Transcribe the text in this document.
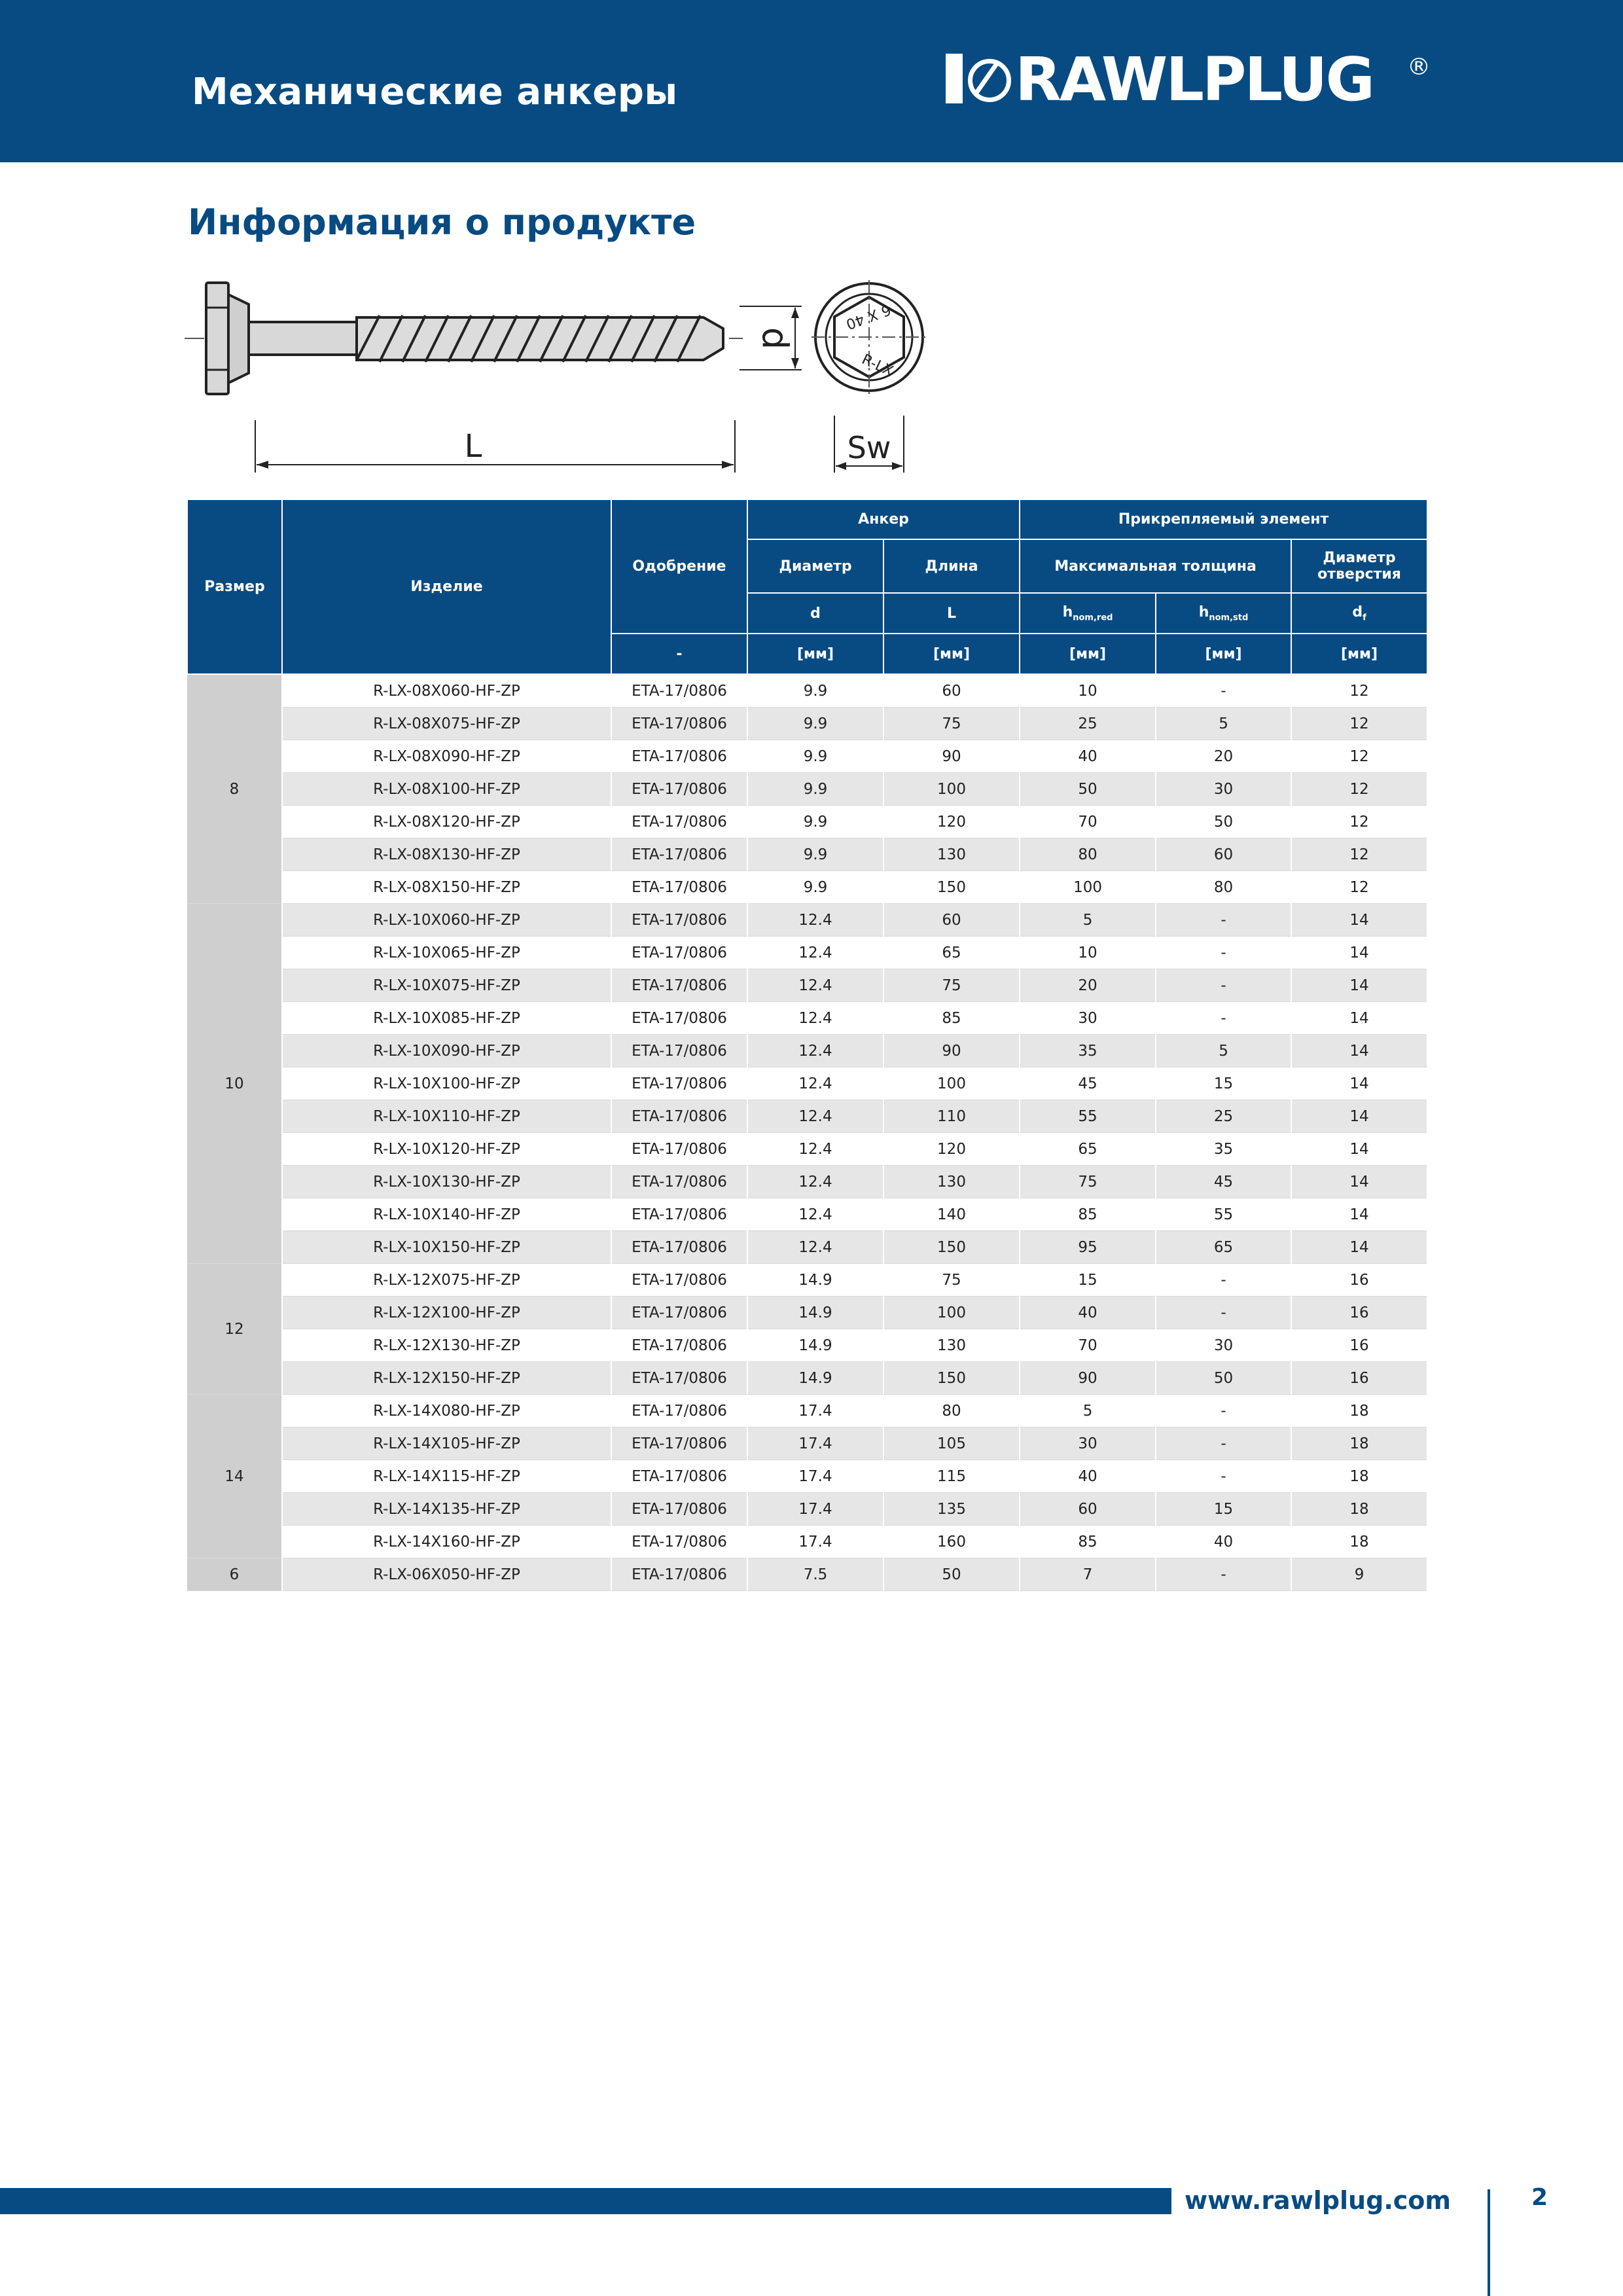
Механические анкеры	RAWLPLUG ®
Информация о продукте
d
6 X 40
R-LX
L	Sw
Размер	Изделие	Одобрение	Анкер		Прикрепляемый элемент		
			Диаметр	Длина	Максимальная толщина		Диаметр отверстия
			d	L	$h_{nom,red}$	$h_{nom,std}$	$d_f$
		-	[мм]	[мм]	[мм]	[мм]	[мм]
8	R-LX-08X060-HF-ZP	ETA-17/0806	9.9	60	10	-	12
	R-LX-08X075-HF-ZP	ETA-17/0806	9.9	75	25	5	12
	R-LX-08X090-HF-ZP	ETA-17/0806	9.9	90	40	20	12
	R-LX-08X100-HF-ZP	ETA-17/0806	9.9	100	50	30	12
	R-LX-08X120-HF-ZP	ETA-17/0806	9.9	120	70	50	12
	R-LX-08X130-HF-ZP	ETA-17/0806	9.9	130	80	60	12
	R-LX-08X150-HF-ZP	ETA-17/0806	9.9	150	100	80	12
10	R-LX-10X060-HF-ZP	ETA-17/0806	12.4	60	5	-	14
	R-LX-10X065-HF-ZP	ETA-17/0806	12.4	65	10	-	14
	R-LX-10X075-HF-ZP	ETA-17/0806	12.4	75	20	-	14
	R-LX-10X085-HF-ZP	ETA-17/0806	12.4	85	30	-	14
	R-LX-10X090-HF-ZP	ETA-17/0806	12.4	90	35	5	14
	R-LX-10X100-HF-ZP	ETA-17/0806	12.4	100	45	15	14
	R-LX-10X110-HF-ZP	ETA-17/0806	12.4	110	55	25	14
	R-LX-10X120-HF-ZP	ETA-17/0806	12.4	120	65	35	14
	R-LX-10X130-HF-ZP	ETA-17/0806	12.4	130	75	45	14
	R-LX-10X140-HF-ZP	ETA-17/0806	12.4	140	85	55	14
	R-LX-10X150-HF-ZP	ETA-17/0806	12.4	150	95	65	14
12	R-LX-12X075-HF-ZP	ETA-17/0806	14.9	75	15	-	16
	R-LX-12X100-HF-ZP	ETA-17/0806	14.9	100	40	-	16
	R-LX-12X130-HF-ZP	ETA-17/0806	14.9	130	70	30	16
	R-LX-12X150-HF-ZP	ETA-17/0806	14.9	150	90	50	16
14	R-LX-14X080-HF-ZP	ETA-17/0806	17.4	80	5	-	18
	R-LX-14X105-HF-ZP	ETA-17/0806	17.4	105	30	-	18
	R-LX-14X115-HF-ZP	ETA-17/0806	17.4	115	40	-	18
	R-LX-14X135-HF-ZP	ETA-17/0806	17.4	135	60	15	18
	R-LX-14X160-HF-ZP	ETA-17/0806	17.4	160	85	40	18
6	R-LX-06X050-HF-ZP	ETA-17/0806	7.5	50	7	-	9
www.rawlplug.com	2
